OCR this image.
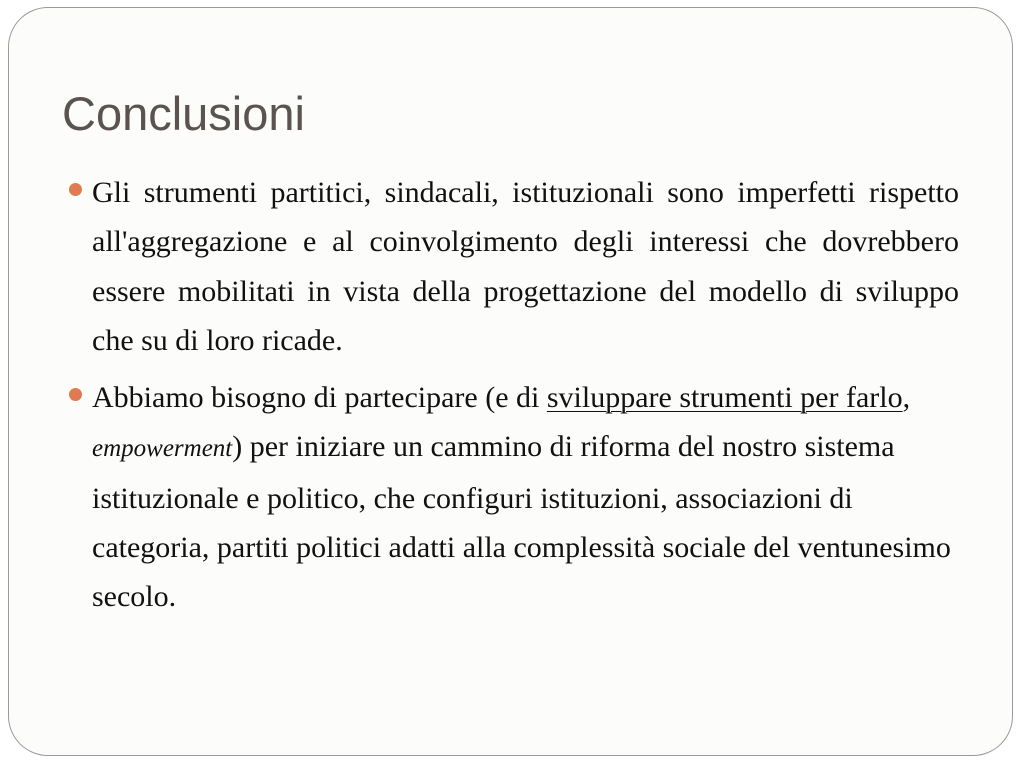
Conclusioni
Gli strumenti partitici, sindacali, istituzionali sono imperfetti rispetto all'aggregazione e al coinvolgimento degli interessi che dovrebbero essere mobilitati in vista della progettazione del modello di sviluppo che su di loro ricade.
Abbiamo bisogno di partecipare (e di sviluppare strumenti per farlo, empowerment) per iniziare un cammino di riforma del nostro sistema istituzionale e politico, che configuri istituzioni, associazioni di categoria, partiti politici adatti alla complessità sociale del ventunesimo secolo.
